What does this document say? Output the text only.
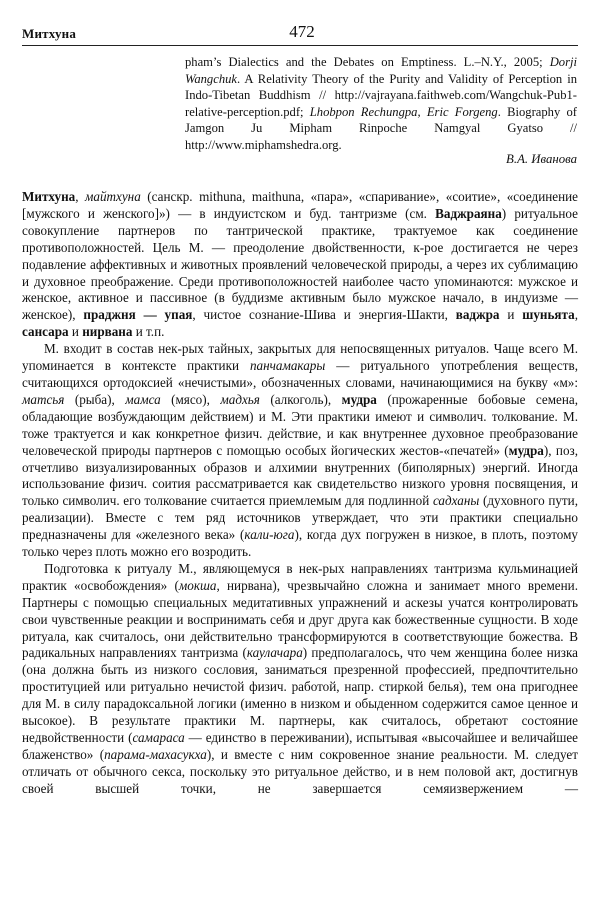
Митхуна	472
pham’s Dialectics and the Debates on Emptiness. L.–N.Y., 2005; Dorji Wangchuk. A Relativity Theory of the Purity and Validity of Perception in Indo-Tibetan Buddhism // http://vajrayana.faithweb.com/Wangchuk-Pub1-relative-perception.pdf; Lhobpon Rechungpa, Eric Forgeng. Biography of Jamgon Ju Mipham Rinpoche Namgyal Gyatso // http://www.miphamshedra.org.
В.А. Иванова

Митхуна, майтхуна (санскр. mithuna, maithuna, «пара», «спаривание», «соитие», «соединение [мужского и женского]») — в индуистском и буд. тантризме (см. Ваджраяна) ритуальное совокупление партнеров по тантрической практике, трактуемое как соединение противоположностей. Цель М. — преодоление двойственности, к-рое достигается не через подавление аффективных и животных проявлений человеческой природы, а через их сублимацию и духовное преображение. Среди противоположностей наиболее часто упоминаются: мужское и женское, активное и пассивное (в буддизме активным было мужское начало, в индуизме — женское), праджня — упая, чистое сознание-Шива и энергия-Шакти, ваджра и шуньята, сансара и нирвана и т.п.

М. входит в состав нек-рых тайных, закрытых для непосвященных ритуалов. Чаще всего М. упоминается в контексте практики панчамакары — ритуального употребления веществ, считающихся ортодоксией «нечистыми», обозначенных словами, начинающимися на букву «м»: матсья (рыба), мамса (мясо), мадхья (алкоголь), мудра (прожаренные бобовые семена, обладающие возбуждающим действием) и М. Эти практики имеют и символич. толкование. М. тоже трактуется и как конкретное физич. действие, и как внутреннее духовное преобразование человеческой природы партнеров с помощью особых йогических жестов-«печатей» (мудра), поз, отчетливо визуализированных образов и алхимии внутренних (биполярных) энергий. Иногда использование физич. соития рассматривается как свидетельство низкого уровня посвящения, и только символич. его толкование считается приемлемым для подлинной садханы (духовного пути, реализации). Вместе с тем ряд источников утверждает, что эти практики специально предназначены для «железного века» (кали-юга), когда дух погружен в низкое, в плоть, поэтому только через плоть можно его возродить.

Подготовка к ритуалу М., являющемуся в нек-рых направлениях тантризма кульминацией практик «освобождения» (мокша, нирвана), чрезвычайно сложна и занимает много времени. Партнеры с помощью специальных медитативных упражнений и аскезы учатся контролировать свои чувственные реакции и воспринимать себя и друг друга как божественные сущности. В ходе ритуала, как считалось, они действительно трансформируются в соответствующие божества. В радикальных направлениях тантризма (каулачара) предполагалось, что чем женщина более низка (она должна быть из низкого сословия, заниматься презренной профессией, предпочтительно проституцией или ритуально нечистой физич. работой, напр. стиркой белья), тем она пригоднее для М. в силу парадоксальной логики (именно в низком и обыденном содержится самое ценное и высокое). В результате практики М. партнеры, как считалось, обретают состояние недвойственности (самараса — единство в переживании), испытывая «высочайшее и величайшее блаженство» (парама-махасукха), и вместе с ним сокровенное знание реальности. М. следует отличать от обычного секса, поскольку это ритуальное действо, и в нем половой акт, достигнув своей высшей точки, не завершается семяизвержением —
